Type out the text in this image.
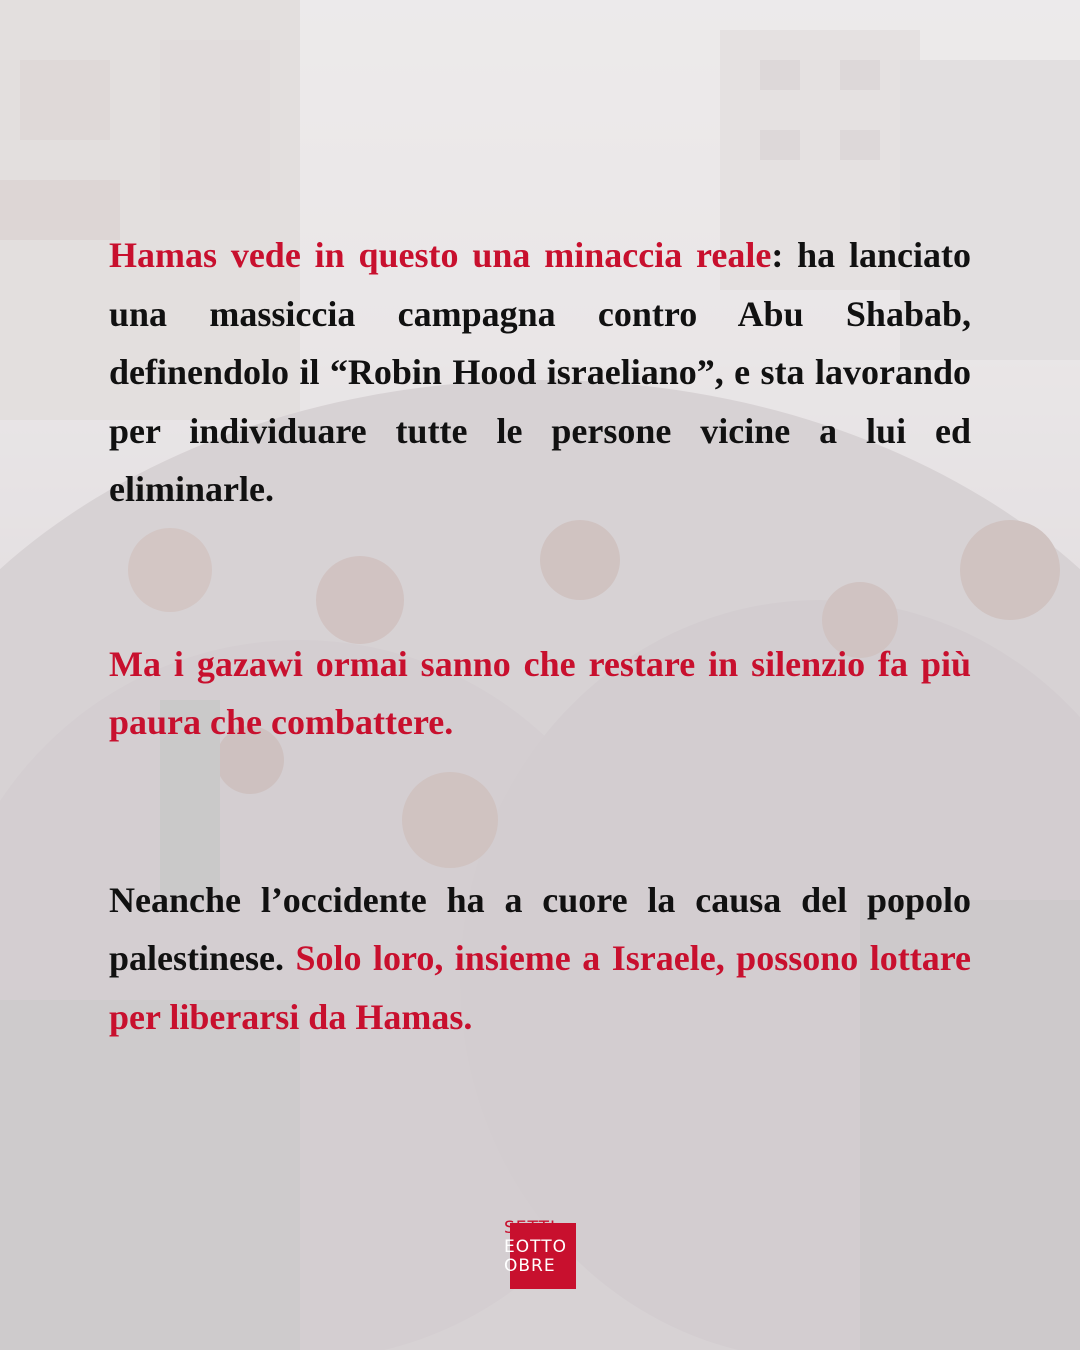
Hamas vede in questo una minaccia reale: ha lanciato una massiccia campagna contro Abu Shabab, definendolo il “Robin Hood israeliano”, e sta lavorando per individuare tutte le persone vicine a lui ed eliminarle.

Ma i gazawi ormai sanno che restare in silenzio fa più paura che combattere.

Neanche l’occidente ha a cuore la causa del popolo palestinese. Solo loro, insieme a Israele, possono lottare per liberarsi da Hamas.

SETTI
EOTTO
OBRE
